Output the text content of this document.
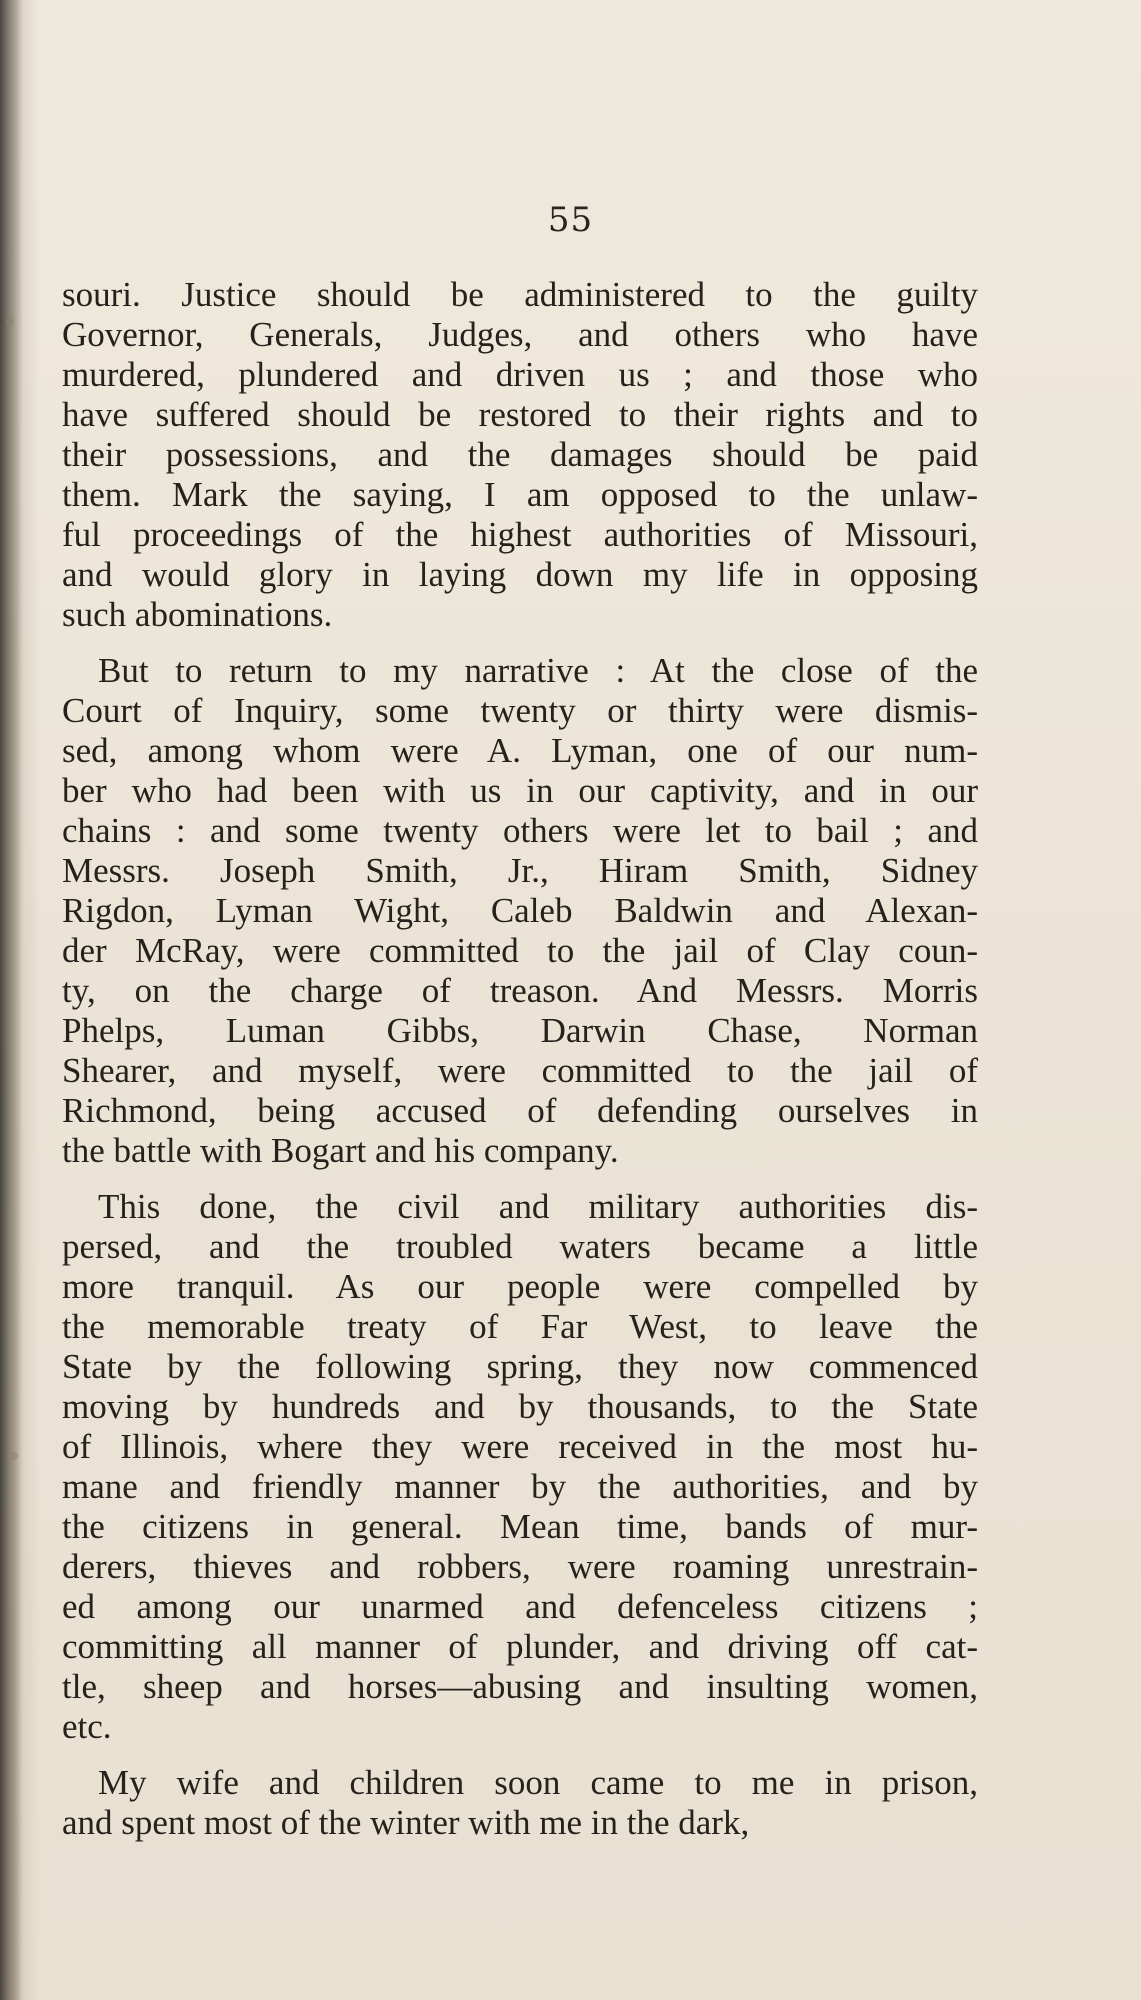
55
souri. Justice should be administered to the guilty
Governor, Generals, Judges, and others who have
murdered, plundered and driven us ; and those who
have suffered should be restored to their rights and to
their possessions, and the damages should be paid
them. Mark the saying, I am opposed to the unlaw-
ful proceedings of the highest authorities of Missouri,
and would glory in laying down my life in opposing
such abominations.
But to return to my narrative : At the close of the
Court of Inquiry, some twenty or thirty were dismis-
sed, among whom were A. Lyman, one of our num-
ber who had been with us in our captivity, and in our
chains : and some twenty others were let to bail ; and
Messrs. Joseph Smith, Jr., Hiram Smith, Sidney
Rigdon, Lyman Wight, Caleb Baldwin and Alexan-
der McRay, were committed to the jail of Clay coun-
ty, on the charge of treason. And Messrs. Morris
Phelps, Luman Gibbs, Darwin Chase, Norman
Shearer, and myself, were committed to the jail of
Richmond, being accused of defending ourselves in
the battle with Bogart and his company.
This done, the civil and military authorities dis-
persed, and the troubled waters became a little
more tranquil. As our people were compelled by
the memorable treaty of Far West, to leave the
State by the following spring, they now commenced
moving by hundreds and by thousands, to the State
of Illinois, where they were received in the most hu-
mane and friendly manner by the authorities, and by
the citizens in general. Mean time, bands of mur-
derers, thieves and robbers, were roaming unrestrain-
ed among our unarmed and defenceless citizens ;
committing all manner of plunder, and driving off cat-
tle, sheep and horses—abusing and insulting women,
etc.
My wife and children soon came to me in prison,
and spent most of the winter with me in the dark,
